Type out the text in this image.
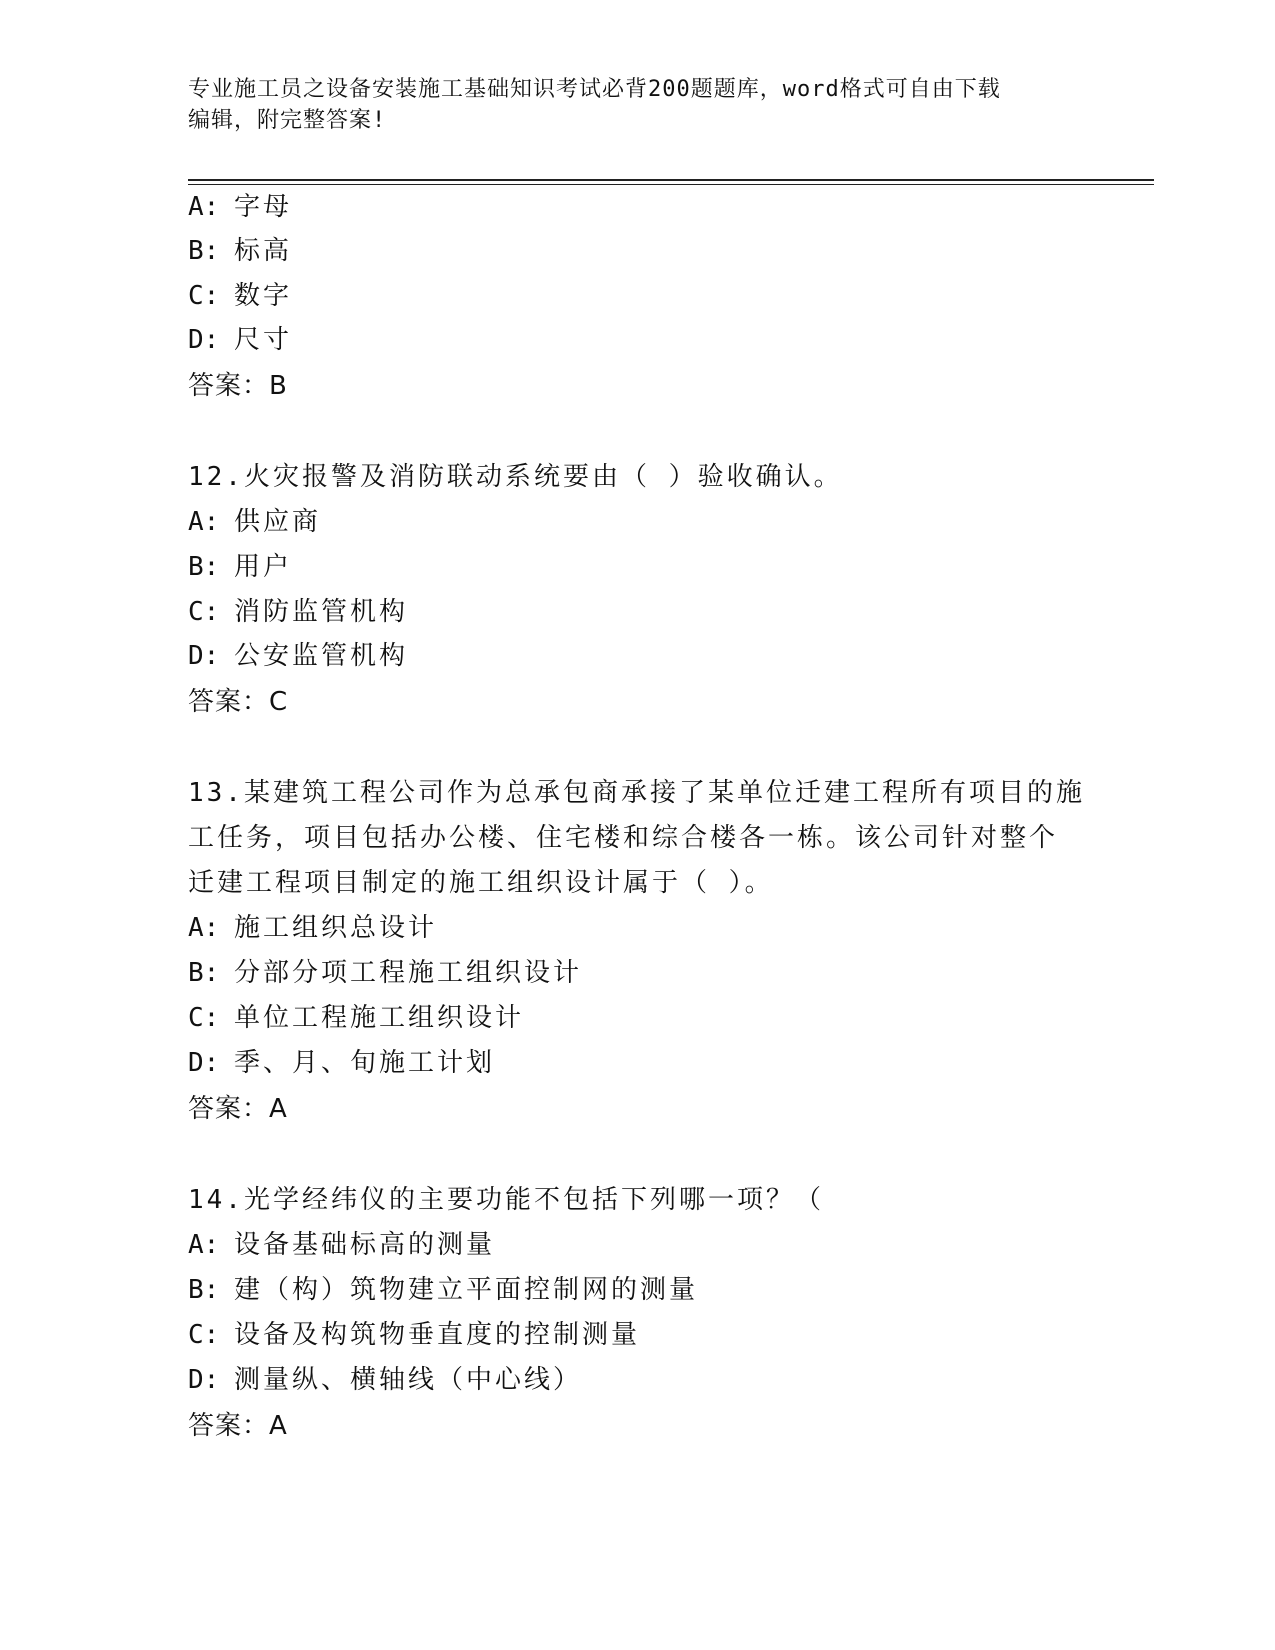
专业施工员之设备安装施工基础知识考试必背200题题库，word格式可自由下载
编辑，附完整答案!
A: 字母
B: 标高
C: 数字
D: 尺寸
答案：B
12.火灾报警及消防联动系统要由（ ）验收确认。
A: 供应商
B: 用户
C: 消防监管机构
D: 公安监管机构
答案：C
13.某建筑工程公司作为总承包商承接了某单位迁建工程所有项目的施
工任务，项目包括办公楼、住宅楼和综合楼各一栋。该公司针对整个
迁建工程项目制定的施工组织设计属于（ ）。
A: 施工组织总设计
B: 分部分项工程施工组织设计
C: 单位工程施工组织设计
D: 季、月、旬施工计划
答案：A
14.光学经纬仪的主要功能不包括下列哪一项？（
A: 设备基础标高的测量
B: 建（构）筑物建立平面控制网的测量
C: 设备及构筑物垂直度的控制测量
D: 测量纵、横轴线（中心线）
答案：A
